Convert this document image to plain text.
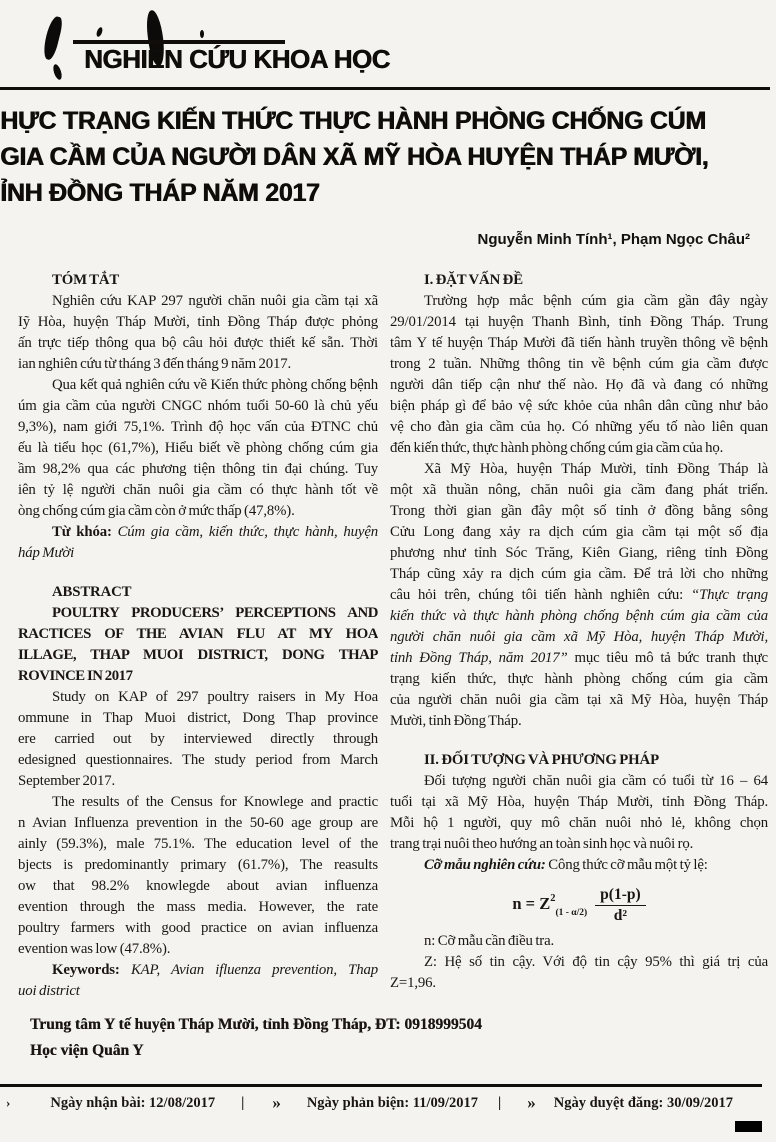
NGHIÊN CỨU KHOA HỌC
HỰC TRẠNG KIẾN THỨC THỰC HÀNH PHÒNG CHỐNG CÚM
GIA CẦM CỦA NGƯỜI DÂN XÃ MỸ HÒA HUYỆN THÁP MƯỜI,
ỈNH ĐỒNG THÁP NĂM 2017
Nguyễn Minh Tính¹, Phạm Ngọc Châu²
TÓM TẮT
Nghiên cứu KAP 297 người chăn nuôi gia cầm tại xã
Iỹ Hòa, huyện Tháp Mười, tỉnh Đồng Tháp được phỏng
ấn trực tiếp thông qua bộ câu hỏi được thiết kế sẵn. Thời
ian nghiên cứu từ tháng 3 đến tháng 9 năm 2017.
Qua kết quả nghiên cứu về Kiến thức phòng chống bệnh
úm gia cầm của người CNGC nhóm tuổi 50-60 là chủ yếu
9,3%), nam giới 75,1%. Trình độ học vấn của ĐTNC chủ
ếu là tiểu học (61,7%), Hiểu biết về phòng chống cúm gia
ầm 98,2% qua các phương tiện thông tin đại chúng. Tuy
iên tỷ lệ người chăn nuôi gia cầm có thực hành tốt về
òng chống cúm gia cầm còn ở mức thấp (47,8%).
Từ khóa: Cúm gia cầm, kiến thức, thực hành, huyện
háp Mười
ABSTRACT
POULTRY PRODUCERS’ PERCEPTIONS AND
RACTICES OF THE AVIAN FLU AT MY HOA
ILLAGE, THAP MUOI DISTRICT, DONG THAP
ROVINCE IN 2017
Study on KAP of 297 poultry raisers in My Hoa
ommune in Thap Muoi district, Dong Thap province
ere carried out by interviewed directly through
edesigned questionnaires. The study period from March
September 2017.
The results of the Census for Knowlege and practic
n Avian Influenza prevention in the 50-60 age group are
ainly (59.3%), male 75.1%. The education level of the
bjects is predominantly primary (61.7%), The reasults
ow that 98.2% knowlegde about avian influenza
evention through the mass media. However, the rate
poultry farmers with good practice on avian influenza
evention was low (47.8%).
Keywords: KAP, Avian ifluenza prevention, Thap
uoi district
I. ĐẶT VẤN ĐỀ
Trường hợp mắc bệnh cúm gia cầm gần đây ngày
29/01/2014 tại huyện Thanh Bình, tỉnh Đồng Tháp. Trung
tâm Y tế huyện Tháp Mười đã tiến hành truyền thông về bệnh
trong 2 tuần. Những thông tin về bệnh cúm gia cầm được
người dân tiếp cận như thế nào. Họ đã và đang có những
biện pháp gì để bảo vệ sức khỏe của nhân dân cũng như bảo
vệ cho đàn gia cầm của họ. Có những yếu tố nào liên quan
đến kiến thức, thực hành phòng chống cúm gia cầm của họ.
Xã Mỹ Hòa, huyện Tháp Mười, tỉnh Đồng Tháp là
một xã thuần nông, chăn nuôi gia cầm đang phát triển.
Trong thời gian gần đây một số tỉnh ở đồng bằng sông
Cửu Long đang xảy ra dịch cúm gia cầm tại một số địa
phương như tỉnh Sóc Trăng, Kiên Giang, riêng tỉnh Đồng
Tháp cũng xảy ra dịch cúm gia cầm. Để trả lời cho những
câu hỏi trên, chúng tôi tiến hành nghiên cứu: “Thực trạng
kiến thức và thực hành phòng chống bệnh cúm gia cầm của
người chăn nuôi gia cầm xã Mỹ Hòa, huyện Tháp Mười,
tỉnh Đồng Tháp, năm 2017” mục tiêu mô tả bức tranh thực
trạng kiến thức, thực hành phòng chống cúm gia cầm
của người chăn nuôi gia cầm tại xã Mỹ Hòa, huyện Tháp
Mười, tỉnh Đồng Tháp.
II. ĐỐI TƯỢNG VÀ PHƯƠNG PHÁP
Đối tượng người chăn nuôi gia cầm có tuổi từ 16 – 64
tuổi tại xã Mỹ Hòa, huyện Tháp Mười, tỉnh Đồng Tháp.
Mỗi hộ 1 người, quy mô chăn nuôi nhỏ lẻ, không chọn
trang trại nuôi theo hướng an toàn sinh học và nuôi rọ.
Cỡ mẫu nghiên cứu: Công thức cỡ mẫu một tỷ lệ:
$n = Z^2_{(1 - \alpha/2)} \frac{p(1-p)}{\text{d²}}$
n: Cỡ mẫu cần điều tra.
Z: Hệ số tin cậy. Với độ tin cậy 95% thì giá trị của
Z=1,96.
Trung tâm Y tế huyện Tháp Mười, tỉnh Đồng Tháp, ĐT: 0918999504
Học viện Quân Y
›	Ngày nhận bài: 12/08/2017 | » Ngày phản biện: 11/09/2017 | » Ngày duyệt đăng: 30/09/2017
